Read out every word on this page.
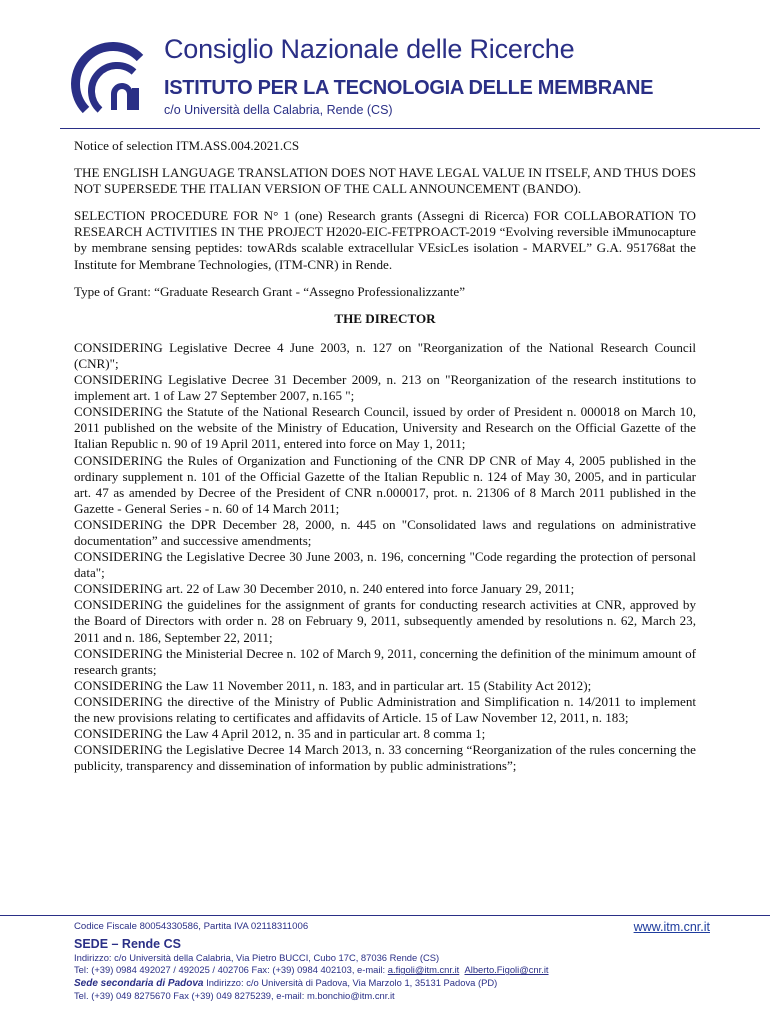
Consiglio Nazionale delle Ricerche
ISTITUTO PER LA TECNOLOGIA DELLE MEMBRANE
c/o Università della Calabria, Rende (CS)

Notice of selection ITM.ASS.004.2021.CS

THE ENGLISH LANGUAGE TRANSLATION DOES NOT HAVE LEGAL VALUE IN ITSELF, AND THUS DOES NOT SUPERSEDE THE ITALIAN VERSION OF THE CALL ANNOUNCEMENT (BANDO).

SELECTION PROCEDURE FOR N° 1 (one) Research grants (Assegni di Ricerca) FOR COLLABORATION TO RESEARCH ACTIVITIES IN THE PROJECT H2020-EIC-FETPROACT-2019 “Evolving reversible iMmunocapture by membrane sensing peptides: towARds scalable extracellular VEsicLes isolation - MARVEL” G.A. 951768at the Institute for Membrane Technologies, (ITM-CNR) in Rende.

Type of Grant: “Graduate Research Grant - “Assegno Professionalizzante”

THE DIRECTOR

CONSIDERING Legislative Decree 4 June 2003, n. 127 on "Reorganization of the National Research Council (CNR)";

CONSIDERING Legislative Decree 31 December 2009, n. 213 on "Reorganization of the research institutions to implement art. 1 of Law 27 September 2007, n.165 ";

CONSIDERING the Statute of the National Research Council, issued by order of President n. 000018 on March 10, 2011 published on the website of the Ministry of Education, University and Research on the Official Gazette of the Italian Republic n. 90 of 19 April 2011, entered into force on May 1, 2011;

CONSIDERING the Rules of Organization and Functioning of the CNR DP CNR of May 4, 2005 published in the ordinary supplement n. 101 of the Official Gazette of the Italian Republic n. 124 of May 30, 2005, and in particular art. 47 as amended by Decree of the President of CNR n.000017, prot. n. 21306 of 8 March 2011 published in the Gazette - General Series - n. 60 of 14 March 2011;

CONSIDERING the DPR December 28, 2000, n. 445 on "Consolidated laws and regulations on administrative documentation” and successive amendments;

CONSIDERING the Legislative Decree 30 June 2003, n. 196, concerning "Code regarding the protection of personal data";

CONSIDERING art. 22 of Law 30 December 2010, n. 240 entered into force January 29, 2011;

CONSIDERING the guidelines for the assignment of grants for conducting research activities at CNR, approved by the Board of Directors with order n. 28 on February 9, 2011, subsequently amended by resolutions n. 62, March 23, 2011 and n. 186, September 22, 2011;

CONSIDERING the Ministerial Decree n. 102 of March 9, 2011, concerning the definition of the minimum amount of research grants;

CONSIDERING the Law 11 November 2011, n. 183, and in particular art. 15 (Stability Act 2012);

CONSIDERING the directive of the Ministry of Public Administration and Simplification n. 14/2011 to implement the new provisions relating to certificates and affidavits of Article. 15 of Law November 12, 2011, n. 183;

CONSIDERING the Law 4 April 2012, n. 35 and in particular art. 8 comma 1;

CONSIDERING the Legislative Decree 14 March 2013, n. 33 concerning “Reorganization of the rules concerning the publicity, transparency and dissemination of information by public administrations”;

Codice Fiscale 80054330586, Partita IVA 02118311006	www.itm.cnr.it
SEDE – Rende CS
Indirizzo: c/o Università della Calabria, Via Pietro BUCCI, Cubo 17C, 87036 Rende (CS)
Tel: (+39) 0984 492027 / 492025 / 402706 Fax: (+39) 0984 402103, e-mail: a.figoli@itm.cnr.it Alberto.Figoli@cnr.it
Sede secondaria di Padova Indirizzo: c/o Università di Padova, Via Marzolo 1, 35131 Padova (PD)
Tel. (+39) 049 8275670 Fax (+39) 049 8275239, e-mail: m.bonchio@itm.cnr.it
